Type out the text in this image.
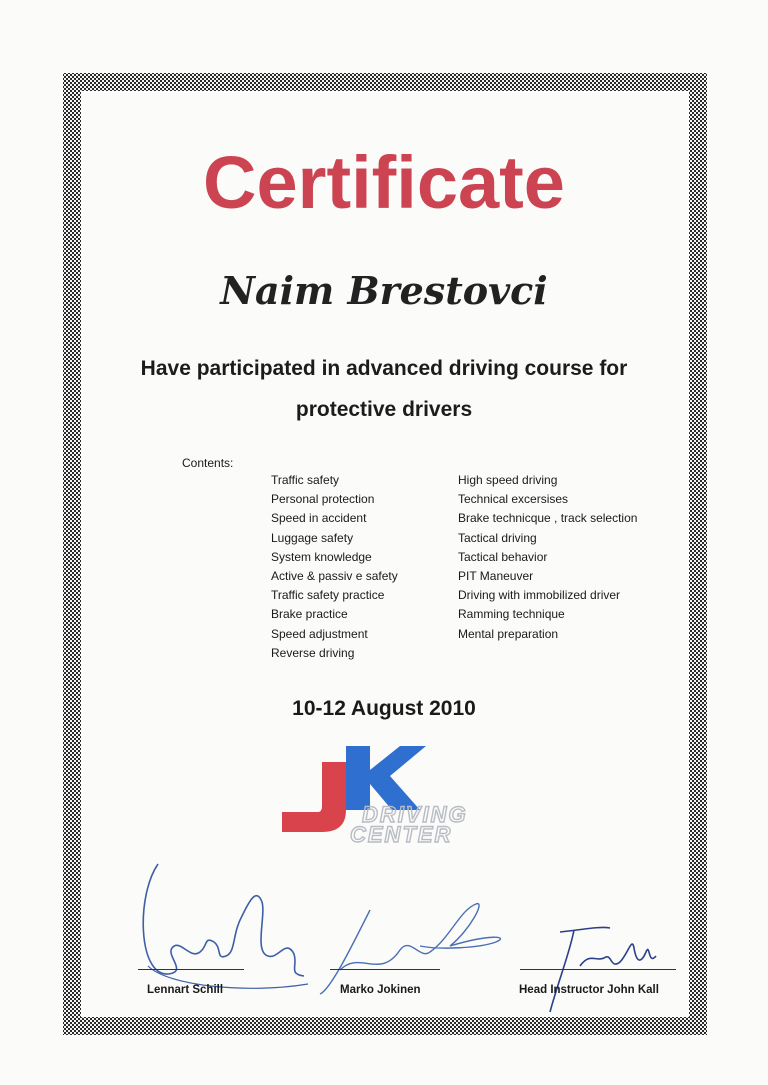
Certificate
Naim Brestovci
Have participated in advanced driving course for
protective drivers
Contents:
Traffic safety
Personal protection
Speed in accident
Luggage safety
System knowledge
Active & passiv e safety
Traffic safety practice
Brake practice
Speed adjustment
Reverse driving
High speed driving
Technical excersises
Brake technicque , track selection
Tactical driving
Tactical behavior
PIT Maneuver
Driving with immobilized driver
Ramming technique
Mental preparation
10-12 August 2010
DRIVING
CENTER
Lennart Schill	Marko Jokinen	Head Instructor John Kall
